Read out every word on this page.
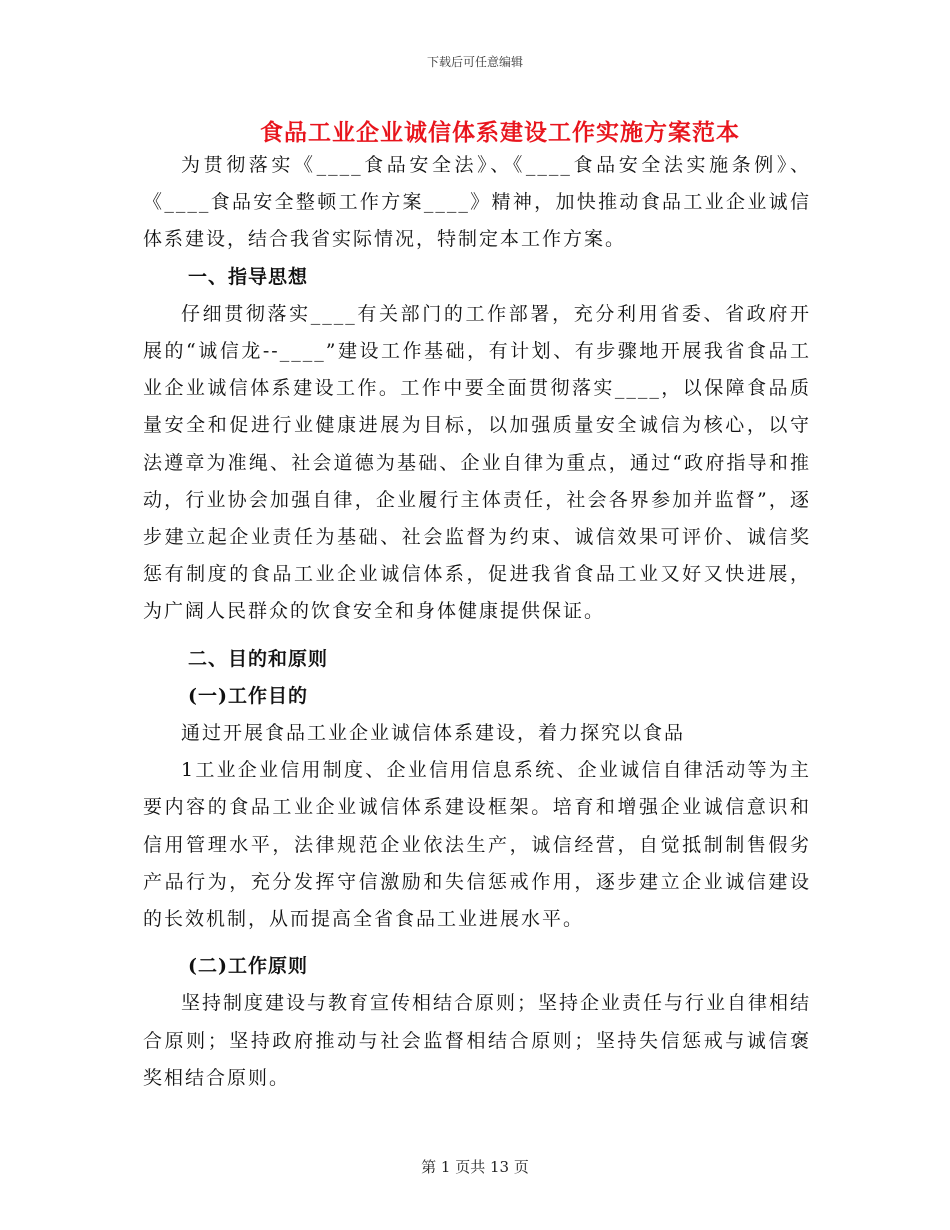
下载后可任意编辑
食品工业企业诚信体系建设工作实施方案范本

为贯彻落实《____食品安全法》、《____食品安全法实施条例》、《____食品安全整顿工作方案____》精神，加快推动食品工业企业诚信体系建设，结合我省实际情况，特制定本工作方案。

一、指导思想

仔细贯彻落实____有关部门的工作部署，充分利用省委、省政府开展的“诚信龙--____”建设工作基础，有计划、有步骤地开展我省食品工业企业诚信体系建设工作。工作中要全面贯彻落实____，以保障食品质量安全和促进行业健康进展为目标，以加强质量安全诚信为核心，以守法遵章为准绳、社会道德为基础、企业自律为重点，通过“政府指导和推动，行业协会加强自律，企业履行主体责任，社会各界参加并监督”，逐步建立起企业责任为基础、社会监督为约束、诚信效果可评价、诚信奖惩有制度的食品工业企业诚信体系，促进我省食品工业又好又快进展，为广阔人民群众的饮食安全和身体健康提供保证。

二、目的和原则
(一)工作目的

通过开展食品工业企业诚信体系建设，着力探究以食品

1工业企业信用制度、企业信用信息系统、企业诚信自律活动等为主要内容的食品工业企业诚信体系建设框架。培育和增强企业诚信意识和信用管理水平，法律规范企业依法生产，诚信经营，自觉抵制制售假劣产品行为，充分发挥守信激励和失信惩戒作用，逐步建立企业诚信建设的长效机制，从而提高全省食品工业进展水平。

(二)工作原则

坚持制度建设与教育宣传相结合原则；坚持企业责任与行业自律相结合原则；坚持政府推动与社会监督相结合原则；坚持失信惩戒与诚信褒奖相结合原则。

第 1 页共 13 页
